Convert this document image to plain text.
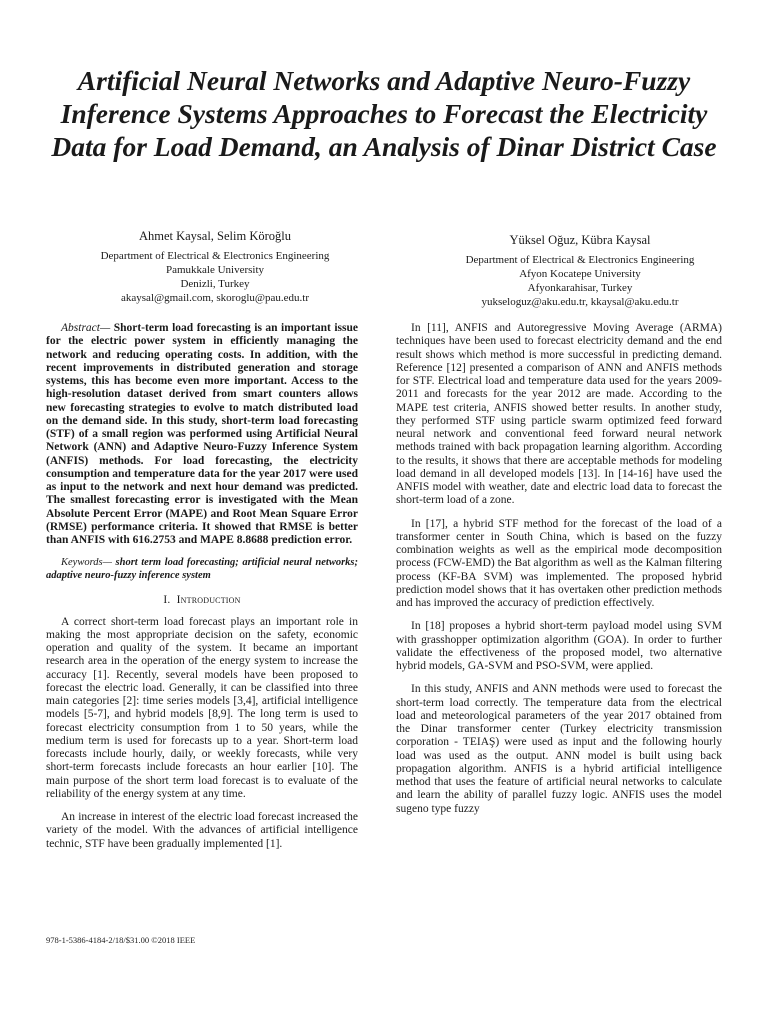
Artificial Neural Networks and Adaptive Neuro-Fuzzy Inference Systems Approaches to Forecast the Electricity Data for Load Demand, an Analysis of Dinar District Case
Ahmet Kaysal, Selim Köroğlu
Department of Electrical & Electronics Engineering
Pamukkale University
Denizli, Turkey
akaysal@gmail.com, skoroglu@pau.edu.tr
Yüksel Oğuz, Kübra Kaysal
Department of Electrical & Electronics Engineering
Afyon Kocatepe University
Afyonkarahisar, Turkey
yukseloguz@aku.edu.tr, kkaysal@aku.edu.tr

Abstract— Short-term load forecasting is an important issue for the electric power system in efficiently managing the network and reducing operating costs. In addition, with the recent improvements in distributed generation and storage systems, this has become even more important. Access to the high-resolution dataset derived from smart counters allows new forecasting strategies to evolve to match distributed load on the demand side. In this study, short-term load forecasting (STF) of a small region was performed using Artificial Neural Network (ANN) and Adaptive Neuro-Fuzzy Inference System (ANFIS) methods. For load forecasting, the electricity consumption and temperature data for the year 2017 were used as input to the network and next hour demand was predicted. The smallest forecasting error is investigated with the Mean Absolute Percent Error (MAPE) and Root Mean Square Error (RMSE) performance criteria. It showed that RMSE is better than ANFIS with 616.2753 and MAPE 8.8688 prediction error.

Keywords— short term load forecasting; artificial neural networks; adaptive neuro-fuzzy inference system

I. Introduction

A correct short-term load forecast plays an important role in making the most appropriate decision on the safety, economic operation and quality of the system. It became an important research area in the operation of the energy system to increase the accuracy [1]. Recently, several models have been proposed to forecast the electric load. Generally, it can be classified into three main categories [2]: time series models [3,4], artificial intelligence models [5-7], and hybrid models [8,9]. The long term is used to forecast electricity consumption from 1 to 50 years, while the medium term is used for forecasts up to a year. Short-term load forecasts include hourly, daily, or weekly forecasts, while very short-term forecasts include forecasts an hour earlier [10]. The main purpose of the short term load forecast is to evaluate of the reliability of the energy system at any time.

An increase in interest of the electric load forecast increased the variety of the model. With the advances of artificial intelligence technic, STF have been gradually implemented [1].

In [11], ANFIS and Autoregressive Moving Average (ARMA) techniques have been used to forecast electricity demand and the end result shows which method is more successful in predicting demand. Reference [12] presented a comparison of ANN and ANFIS methods for STF. Electrical load and temperature data used for the years 2009-2011 and forecasts for the year 2012 are made. According to the MAPE test criteria, ANFIS showed better results. In another study, they performed STF using particle swarm optimized feed forward neural network and conventional feed forward neural network methods trained with back propagation learning algorithm. According to the results, it shows that there are acceptable methods for modeling load demand in all developed models [13]. In [14-16] have used the ANFIS model with weather, date and electric load data to forecast the short-term load of a zone.

In [17], a hybrid STF method for the forecast of the load of a transformer center in South China, which is based on the fuzzy combination weights as well as the empirical mode decomposition process (FCW-EMD) the Bat algorithm as well as the Kalman filtering process (KF-BA SVM) was implemented. The proposed hybrid prediction model shows that it has overtaken other prediction methods and has improved the accuracy of prediction effectively.

In [18] proposes a hybrid short-term payload model using SVM with grasshopper optimization algorithm (GOA). In order to further validate the effectiveness of the proposed model, two alternative hybrid models, GA-SVM and PSO-SVM, were applied.

In this study, ANFIS and ANN methods were used to forecast the short-term load correctly. The temperature data from the electrical load and meteorological parameters of the year 2017 obtained from the Dinar transformer center (Turkey electricity transmission corporation - TEIAŞ) were used as input and the following hourly load was used as the output. ANN model is built using back propagation algorithm. ANFIS is a hybrid artificial intelligence method that uses the feature of artificial neural networks to calculate and learn the ability of parallel fuzzy logic. ANFIS uses the model sugeno type fuzzy

978-1-5386-4184-2/18/$31.00 ©2018 IEEE
